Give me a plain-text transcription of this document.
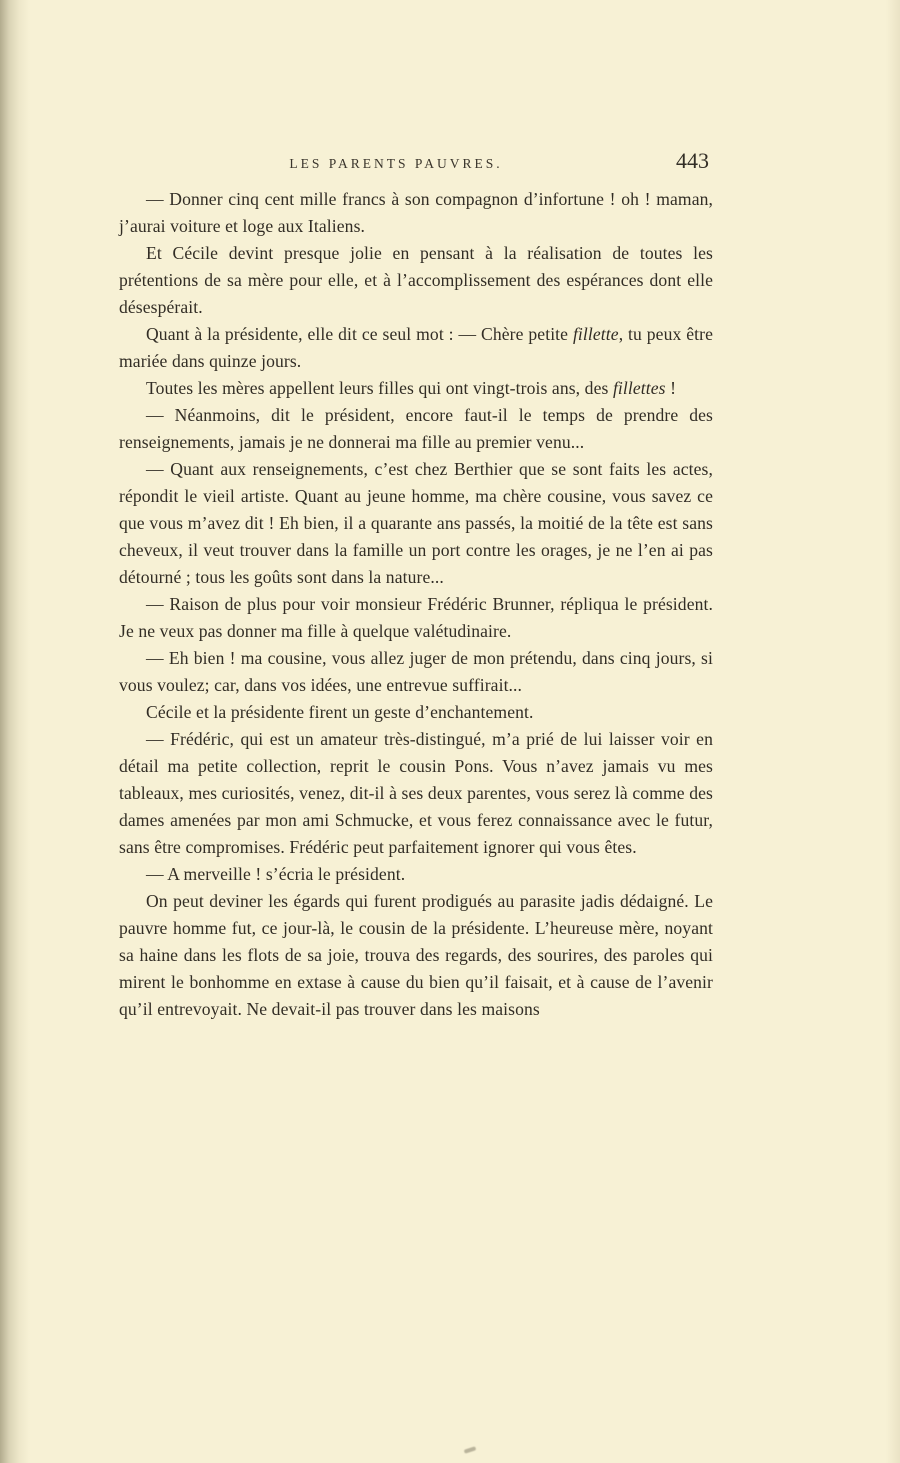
LES PARENTS PAUVRES.	443

— Donner cinq cent mille francs à son compagnon d’infortune ! oh ! maman, j’aurai voiture et loge aux Italiens.

Et Cécile devint presque jolie en pensant à la réalisation de toutes les prétentions de sa mère pour elle, et à l’accomplissement des espérances dont elle désespérait.

Quant à la présidente, elle dit ce seul mot : — Chère petite fillette, tu peux être mariée dans quinze jours.

Toutes les mères appellent leurs filles qui ont vingt-trois ans, des fillettes !

— Néanmoins, dit le président, encore faut-il le temps de prendre des renseignements, jamais je ne donnerai ma fille au premier venu...

— Quant aux renseignements, c’est chez Berthier que se sont faits les actes, répondit le vieil artiste. Quant au jeune homme, ma chère cousine, vous savez ce que vous m’avez dit ! Eh bien, il a quarante ans passés, la moitié de la tête est sans cheveux, il veut trouver dans la famille un port contre les orages, je ne l’en ai pas détourné ; tous les goûts sont dans la nature...

— Raison de plus pour voir monsieur Frédéric Brunner, répliqua le président. Je ne veux pas donner ma fille à quelque valétudinaire.

— Eh bien ! ma cousine, vous allez juger de mon prétendu, dans cinq jours, si vous voulez; car, dans vos idées, une entrevue suffirait...

Cécile et la présidente firent un geste d’enchantement.

— Frédéric, qui est un amateur très-distingué, m’a prié de lui laisser voir en détail ma petite collection, reprit le cousin Pons. Vous n’avez jamais vu mes tableaux, mes curiosités, venez, dit-il à ses deux parentes, vous serez là comme des dames amenées par mon ami Schmucke, et vous ferez connaissance avec le futur, sans être compromises. Frédéric peut parfaitement ignorer qui vous êtes.

— A merveille ! s’écria le président.

On peut deviner les égards qui furent prodigués au parasite jadis dédaigné. Le pauvre homme fut, ce jour-là, le cousin de la présidente. L’heureuse mère, noyant sa haine dans les flots de sa joie, trouva des regards, des sourires, des paroles qui mirent le bonhomme en extase à cause du bien qu’il faisait, et à cause de l’avenir qu’il entrevoyait. Ne devait-il pas trouver dans les maisons
